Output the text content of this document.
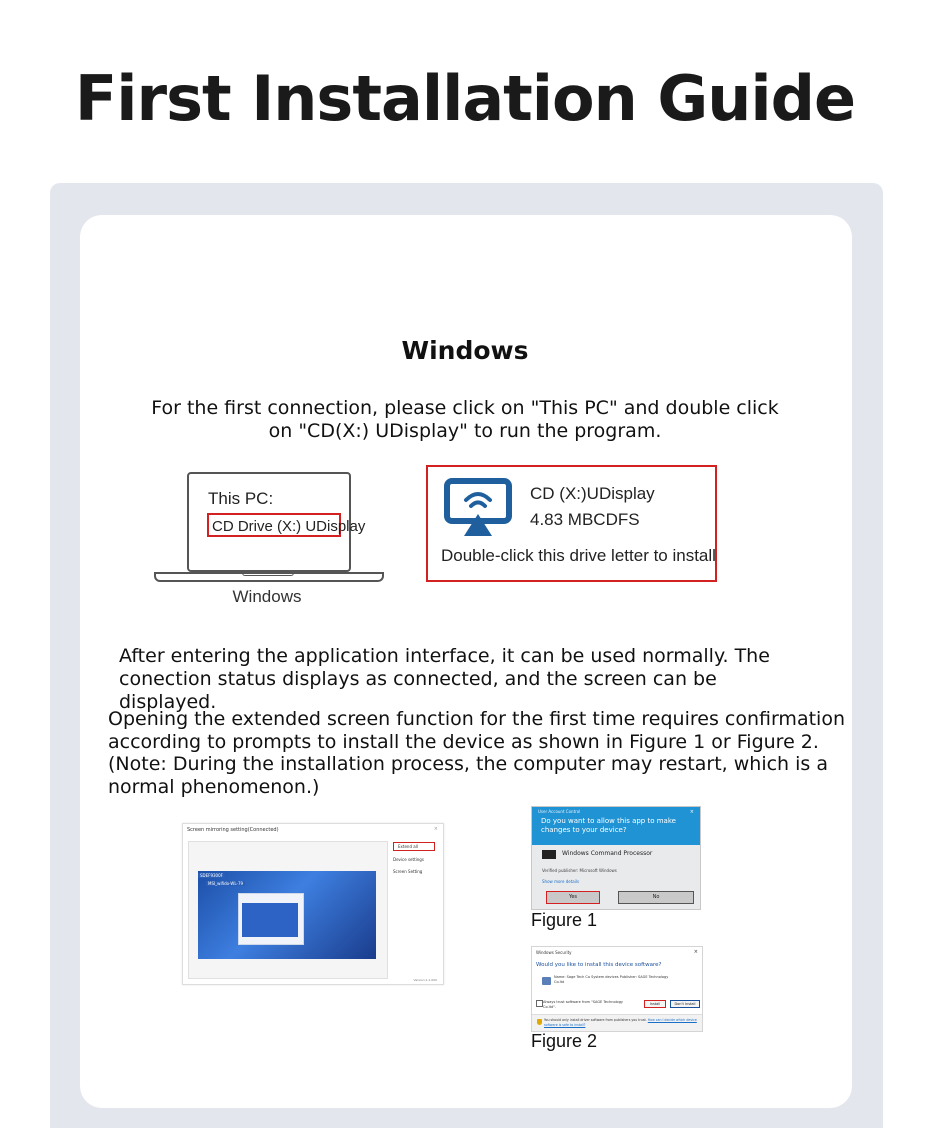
First Installation Guide
Windows
For the first connection, please click on "This PC" and double click on "CD(X:) UDisplay" to run the program.
This PC:
CD Drive (X:) UDisplay
Windows
CD (X:)UDisplay
4.83 MBCDFS
Double-click this drive letter to install
After entering the application interface, it can be used normally. The conection status displays as connected, and the screen can be displayed.
Opening the extended screen function for the first time requires confirmation according to prompts to install the device as shown in Figure 1 or Figure 2. (Note: During the installation process, the computer may restart, which is a normal phenomenon.)
Screen mirroring setting(Connected)	×
Extend all
Device settings
Screen Setting
Version:1.1.000
SDEF9300F
MSI_wifido-WL-79
User Account Control	×
Do you want to allow this app to make changes to your device?
Windows Command Processor
Verified publisher: Microsoft Windows
Show more details
Yes	No
Figure 1
Windows Security	×
Would you like to install this device software?
Name: Sage Tech Co System devices Publisher: SAGE Technology Co.ltd
Always trust software from "SAGE Technology Co.ltd".
Install	Don't Install
You should only install driver software from publishers you trust. How can I decide which device software is safe to install?
Figure 2
